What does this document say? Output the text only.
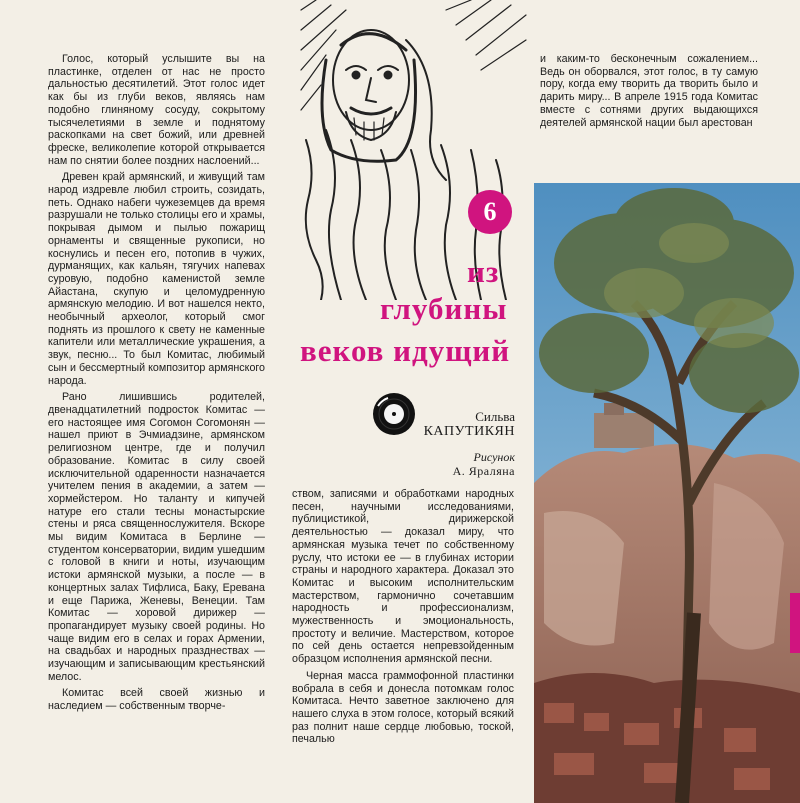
Голос, который услышите вы на пластинке, отделен от нас не простo дальностью десятилетий. Этот голос идет как бы из глуби веков, являясь нам подобно глиняному сосуду, сокрытому тысячелетиями в земле и поднятому раскопками на свет божий, или древней фреске, великолепие которой открывается нам по снятии более поздних наслоений...

Древен край армянский, и живущий там народ издревле любил строить, созидать, петь. Однако набеги чужеземцев да время разрушали не только столицы его и храмы, покрывая дымом и пылью пожарищ орнаменты и священные рукописи, но коснулись и песен его, потопив в чужих, дурманящих, как кальян, тягучих напевах суровую, подобно каменистой земле Айастана, скупую и целомудренную армянскую мелодию. И вот нашелся некто, необычный археолог, который смог поднять из прошлого к свету не каменные капители или металлические украшения, а звук, песню... То был Комитас, любимый сын и бессмертный композитор армянского народа.

Рано лишившись родителей, двенадцатилетний подросток Комитас — его настоящее имя Согомон Согомонян — нашел приют в Эчмиадзине, армянском религиозном центре, где и получил образование. Комитас в силу своей исключительной одаренности назначается учителем пения в академии, а затем — хормейстером. Но таланту и кипучей натуре его стали тесны монастырские стены и ряса священнослужителя. Вскоре мы видим Комитаса в Берлине — студентом консерватории, видим ушедшим с головой в книги и ноты, изучающим истоки армянской музыки, а после — в концертных залах Тифлиса, Баку, Еревана и еще Парижа, Женевы, Венеции. Там Комитас — хоровой дирижер — пропагандирует музыку своей родины. Но чаще видим его в селах и горах Армении, на свадьбах и народных празднествах — изучающим и записывающим крестьянский мелос.

Комитас всей своей жизнью и наследием — собственным творче-

6
из
глубины
веков идущий
Сильва
КАПУТИКЯН
Рисунок
А. Яраляна

ством, записями и обработками народных песен, научными исследованиями, публицистикой, дирижерской деятельностью — доказал миру, что армянская музыка течет по собственному руслу, что истоки ее — в глубинах истории страны и народного характера. Доказал это Комитас и высоким исполнительским мастерством, гармонично сочетавшим народность и профессионализм, мужественность и эмоциональность, простоту и величие. Мастерством, которое по сей день остается непревзойденным образцом исполнения армянской песни.

Черная масса граммофонной пластинки вобрала в себя и донесла потомкам голос Комитаса. Нечто заветное заключено для нашего слуха в этом голосе, который всякий раз полнит наше сердце любовью, тоской, печалью

и каким-то бесконечным сожалением... Ведь он оборвался, этот голос, в ту самую пору, когда ему творить да творить было и дарить миру... В апреле 1915 года Комитас вместе с сотнями других выдающихся деятелей армянской нации был арестован
